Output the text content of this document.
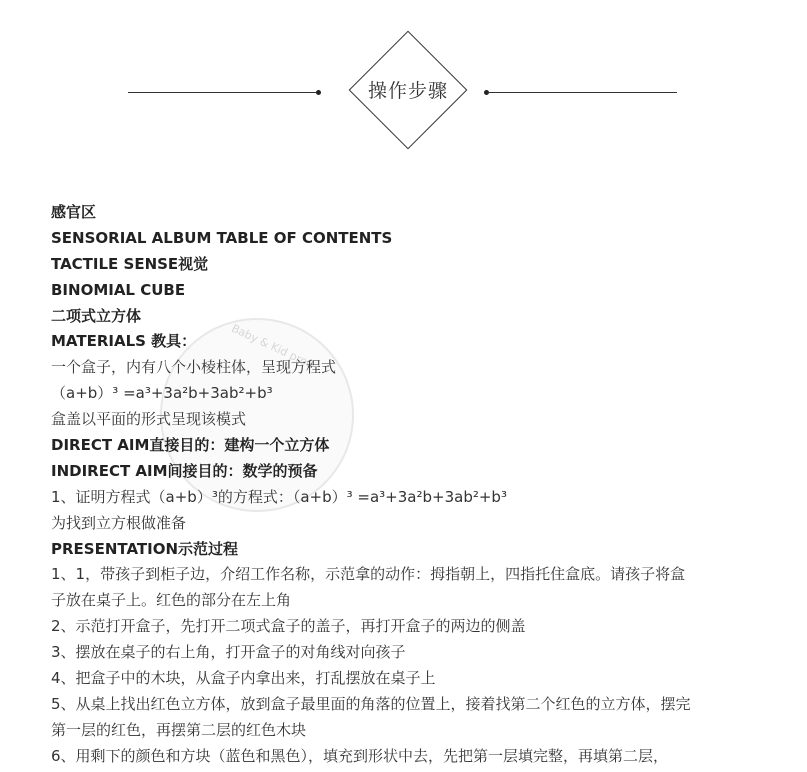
操作步骤
Baby & Kid prod
感官区
SENSORIAL ALBUM TABLE OF CONTENTS
TACTILE SENSE视觉
BINOMIAL CUBE
二项式立方体
MATERIALS 教具：
一个盒子，内有八个小棱柱体，呈现方程式
（a+b）³ =a³+3a²b+3ab²+b³
盒盖以平面的形式呈现该模式
DIRECT AIM直接目的：建构一个立方体
INDIRECT AIM间接目的：数学的预备
1、证明方程式（a+b）³的方程式：（a+b）³ =a³+3a²b+3ab²+b³
为找到立方根做准备
PRESENTATION示范过程
1、1，带孩子到柜子边，介绍工作名称，示范拿的动作：拇指朝上，四指托住盒底。请孩子将盒
子放在桌子上。红色的部分在左上角
2、示范打开盒子，先打开二项式盒子的盖子，再打开盒子的两边的侧盖
3、摆放在桌子的右上角，打开盒子的对角线对向孩子
4、把盒子中的木块，从盒子内拿出来，打乱摆放在桌子上
5、从桌上找出红色立方体，放到盒子最里面的角落的位置上，接着找第二个红色的立方体，摆完
第一层的红色，再摆第二层的红色木块
6、用剩下的颜色和方块（蓝色和黑色），填充到形状中去，先把第一层填完整，再填第二层，
